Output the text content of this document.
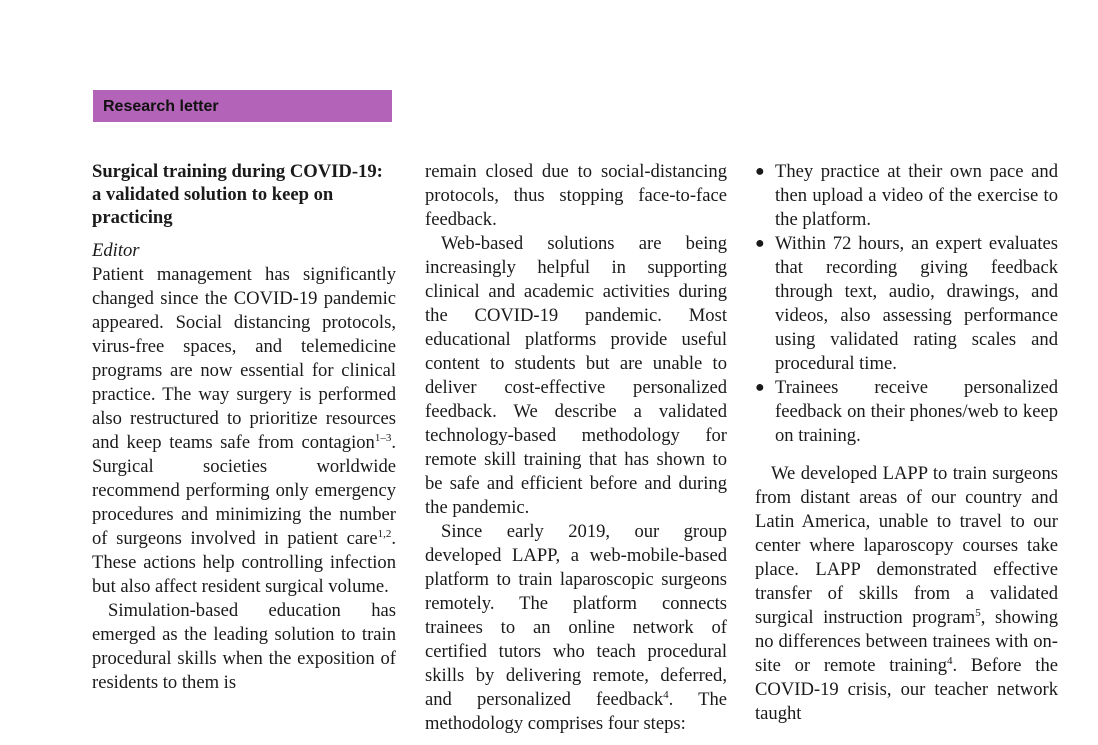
Research letter

Surgical training during COVID-19: a validated solution to keep on practicing

Editor

Patient management has significantly changed since the COVID-19 pandemic appeared. Social distancing protocols, virus-free spaces, and telemedicine programs are now essential for clinical practice. The way surgery is performed also restructured to prioritize resources and keep teams safe from contagion$^{1-3}$. Surgical societies worldwide recommend performing only emergency procedures and minimizing the number of surgeons involved in patient care$^{1,2}$. These actions help controlling infection but also affect resident surgical volume.

Simulation-based education has emerged as the leading solution to train procedural skills when the exposition of residents to them is

remain closed due to social-distancing protocols, thus stopping face-to-face feedback.

Web-based solutions are being increasingly helpful in supporting clinical and academic activities during the COVID-19 pandemic. Most educational platforms provide useful content to students but are unable to deliver cost-effective personalized feedback. We describe a validated technology-based methodology for remote skill training that has shown to be safe and efficient before and during the pandemic.

Since early 2019, our group developed LAPP, a web-mobile-based platform to train laparoscopic surgeons remotely. The platform connects trainees to an online network of certified tutors who teach procedural skills by delivering remote, deferred, and personalized feedback$^4$. The methodology comprises four steps:

● They practice at their own pace and then upload a video of the exercise to the platform.
● Within 72 hours, an expert evaluates that recording giving feedback through text, audio, drawings, and videos, also assessing performance using validated rating scales and procedural time.
● Trainees receive personalized feedback on their phones/web to keep on training.

We developed LAPP to train surgeons from distant areas of our country and Latin America, unable to travel to our center where laparoscopy courses take place. LAPP demonstrated effective transfer of skills from a validated surgical instruction program$^5$, showing no differences between trainees with on-site or remote training$^4$. Before the COVID-19 crisis, our teacher network taught
